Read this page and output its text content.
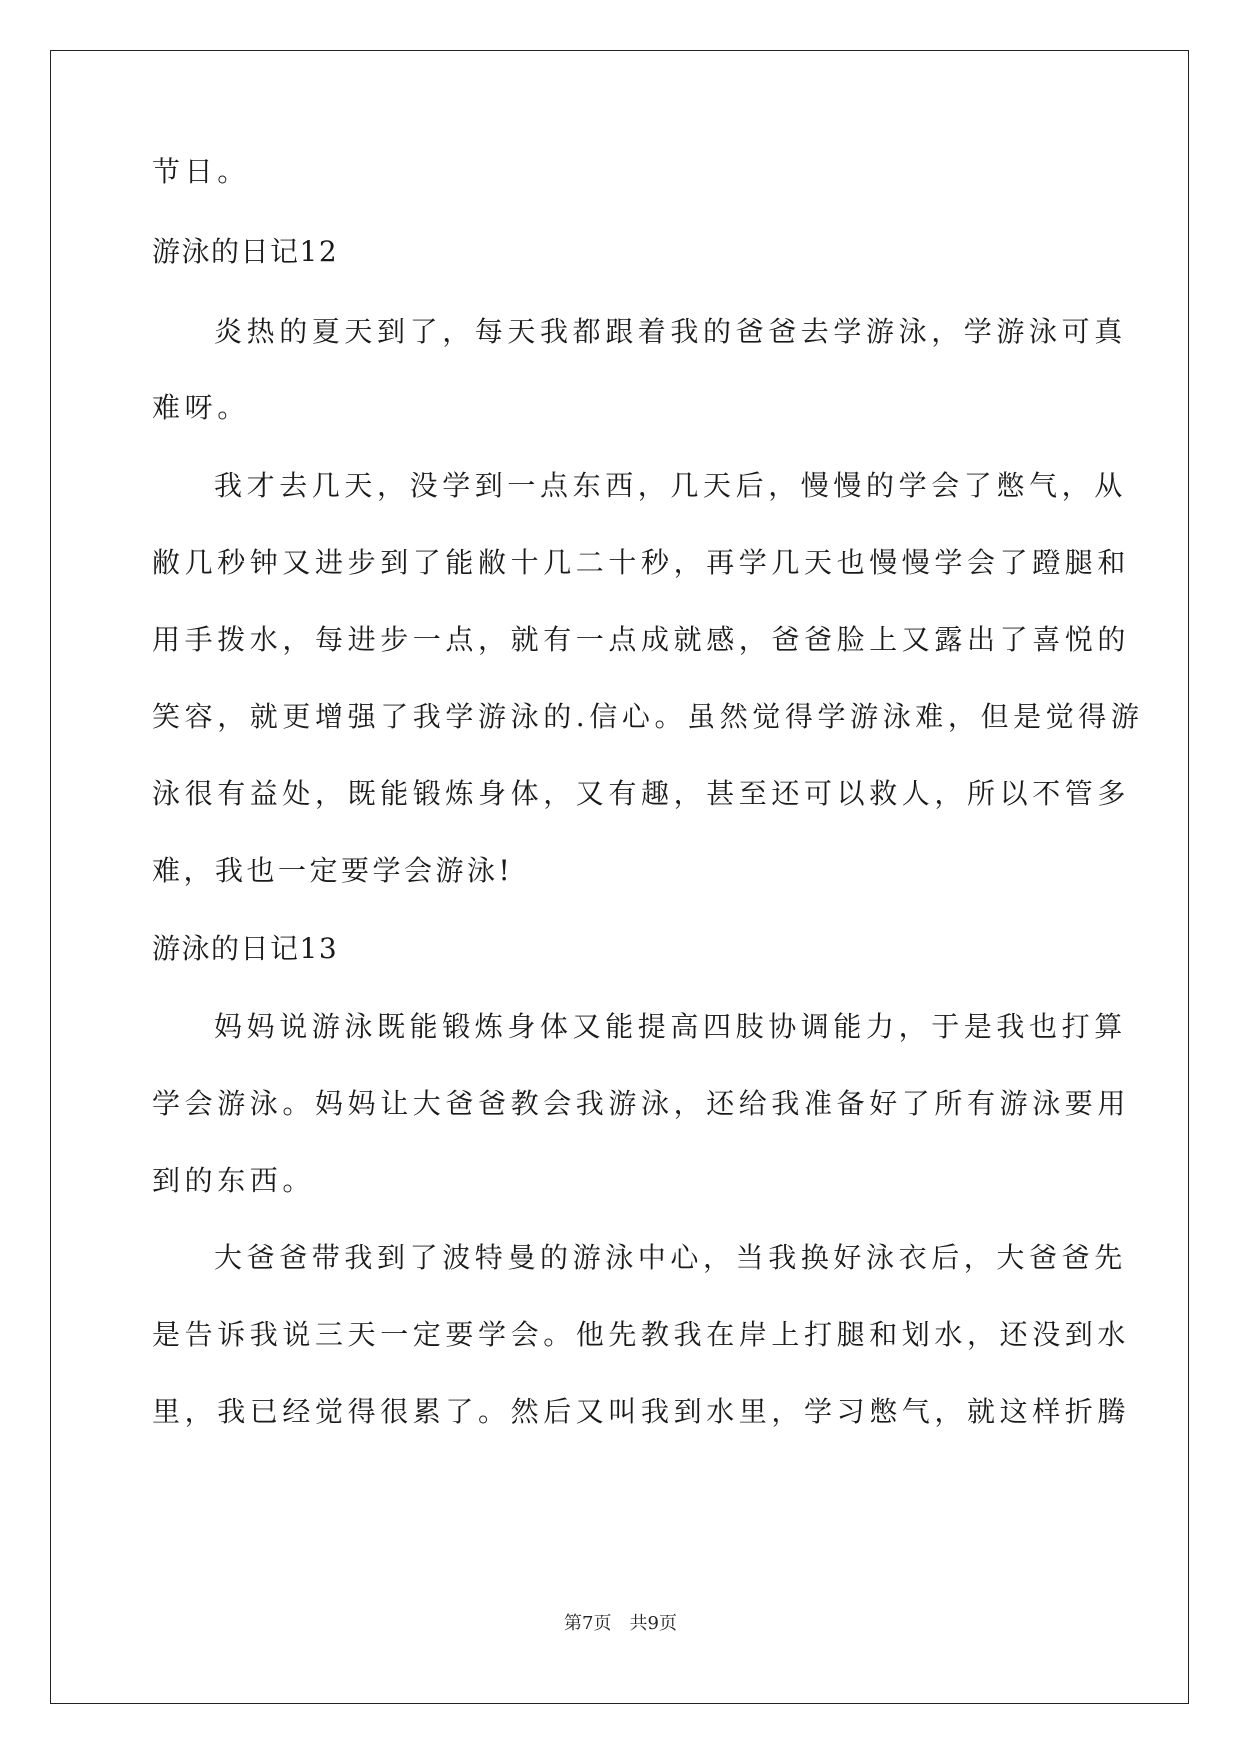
节日。
游泳的日记12
炎热的夏天到了，每天我都跟着我的爸爸去学游泳，学游泳可真
难呀。
我才去几天，没学到一点东西，几天后，慢慢的学会了憋气，从
敝几秒钟又进步到了能敝十几二十秒，再学几天也慢慢学会了蹬腿和
用手拨水，每进步一点，就有一点成就感，爸爸脸上又露出了喜悦的
笑容，就更增强了我学游泳的.信心。虽然觉得学游泳难，但是觉得游
泳很有益处，既能锻炼身体，又有趣，甚至还可以救人，所以不管多
难，我也一定要学会游泳!
游泳的日记13
妈妈说游泳既能锻炼身体又能提高四肢协调能力，于是我也打算
学会游泳。妈妈让大爸爸教会我游泳，还给我准备好了所有游泳要用
到的东西。
大爸爸带我到了波特曼的游泳中心，当我换好泳衣后，大爸爸先
是告诉我说三天一定要学会。他先教我在岸上打腿和划水，还没到水
里，我已经觉得很累了。然后又叫我到水里，学习憋气，就这样折腾
第7页 共9页
